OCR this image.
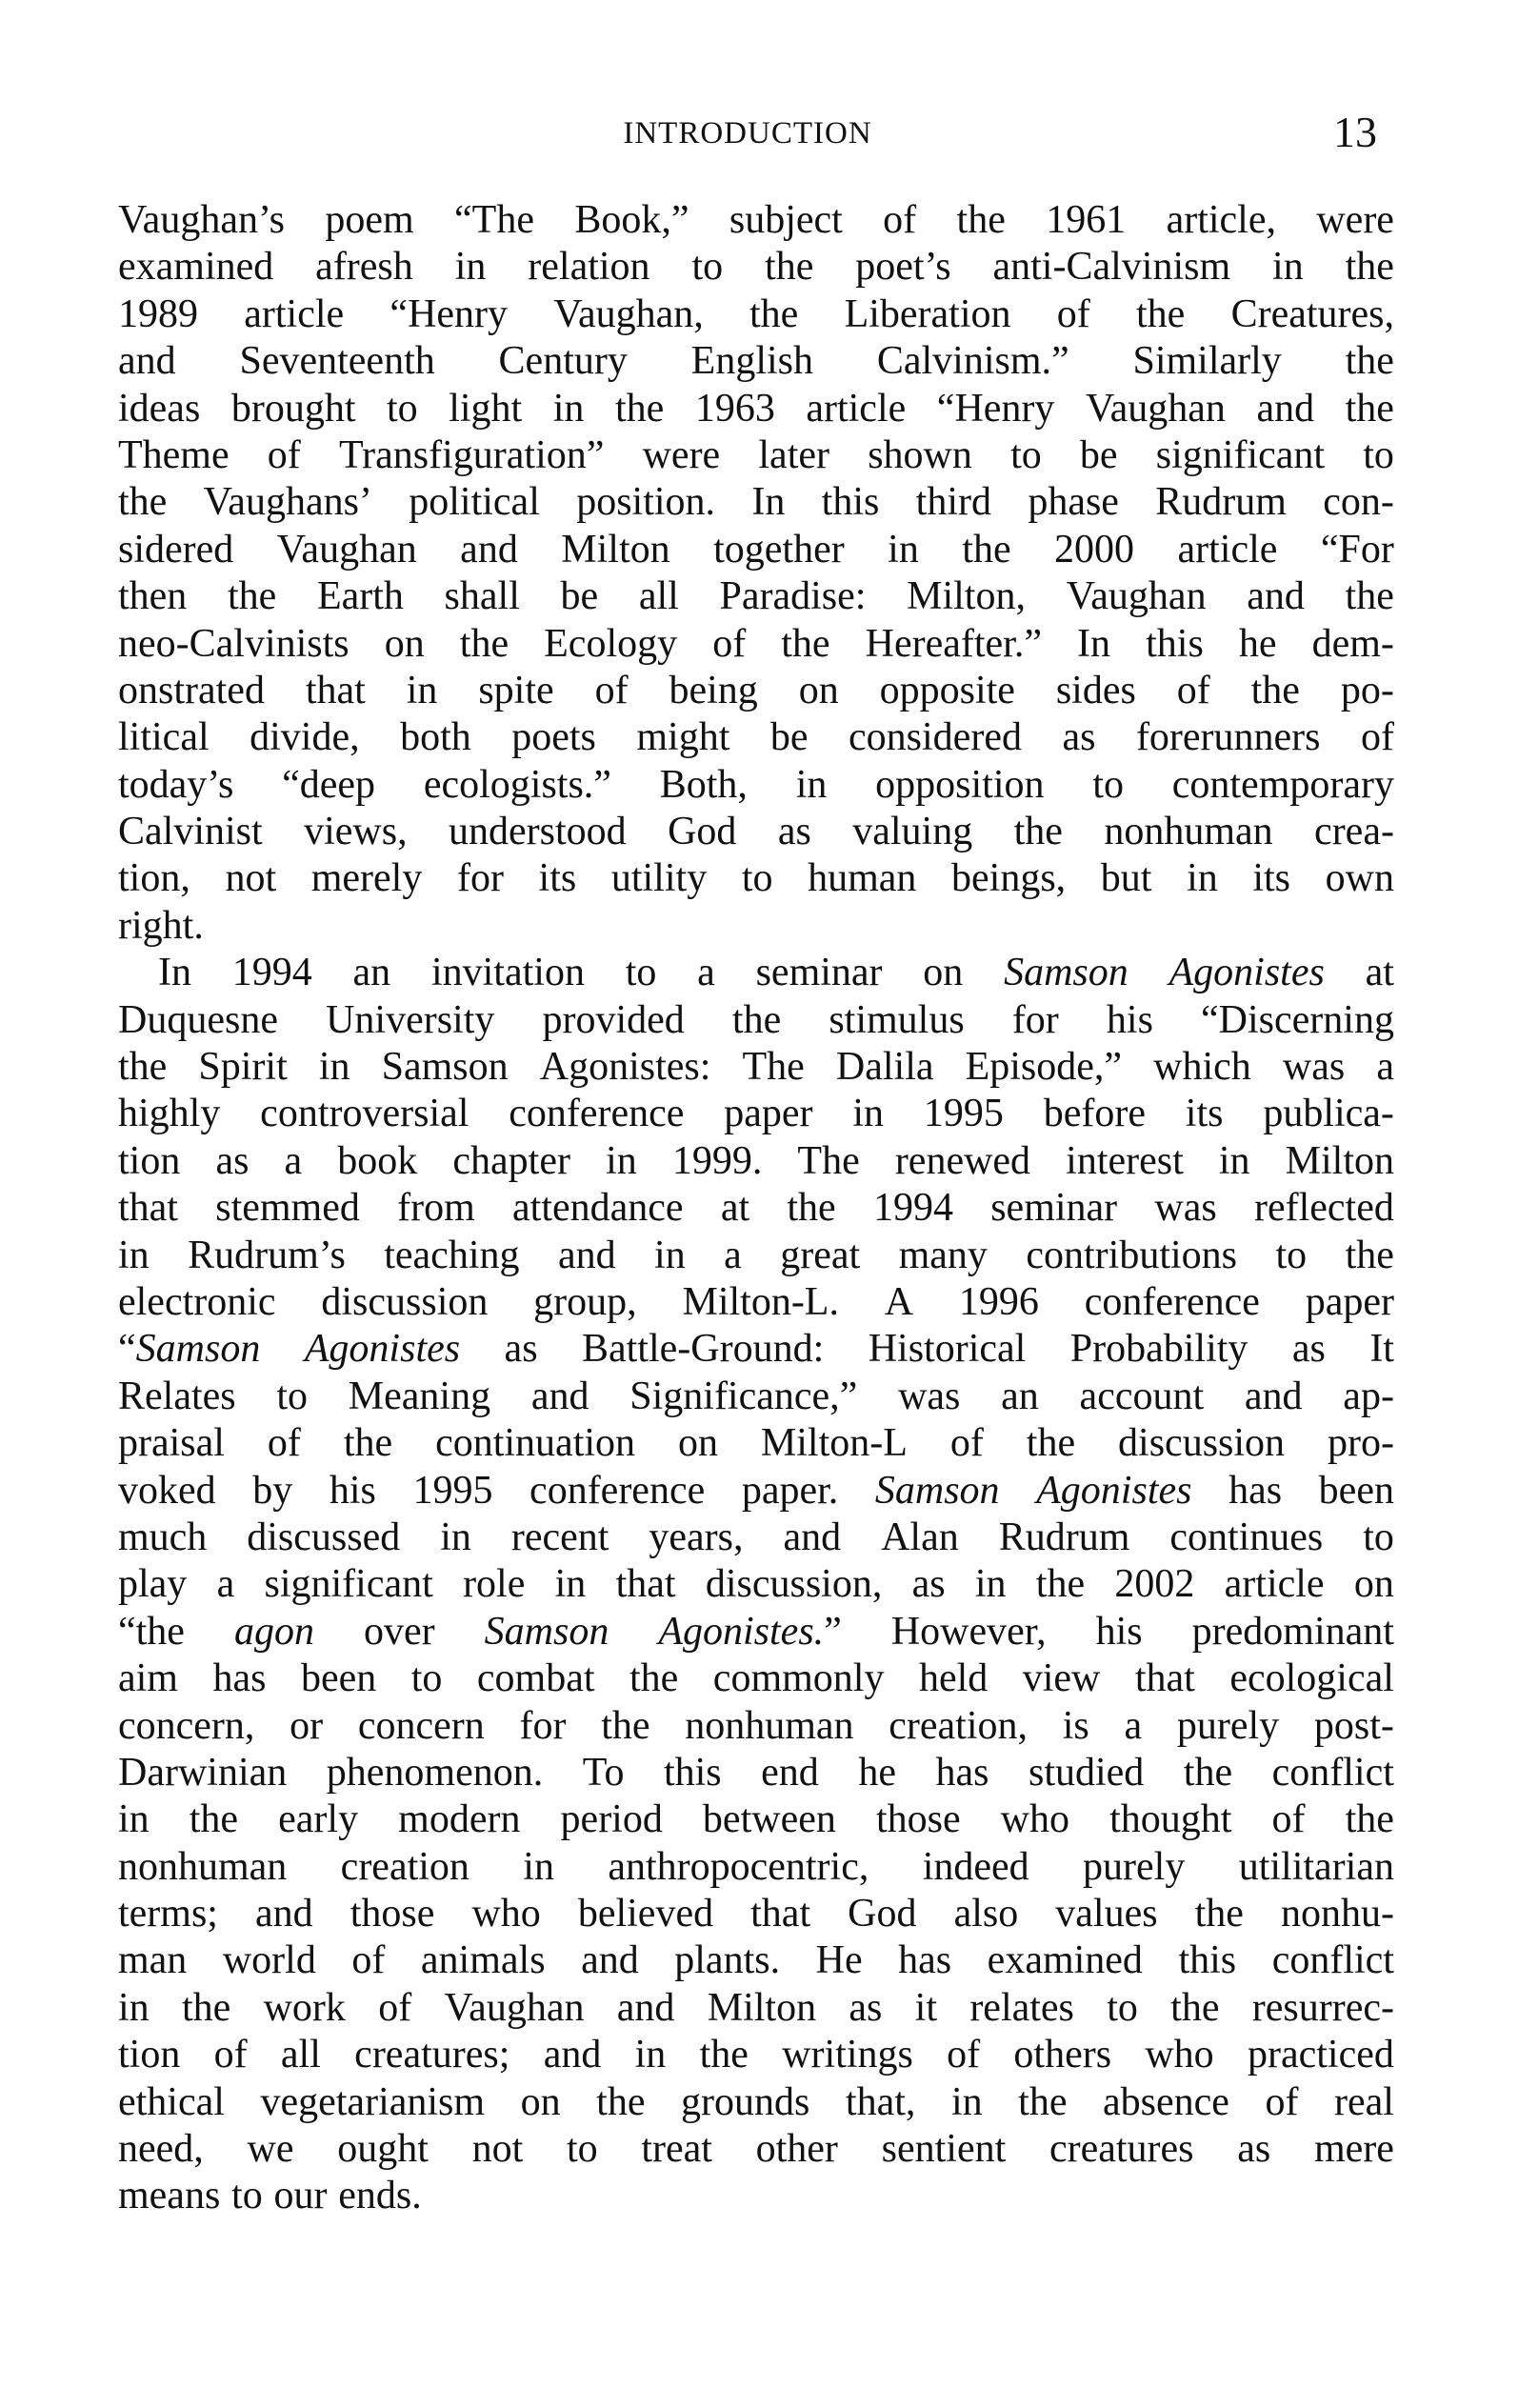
INTRODUCTION	13
Vaughan’s poem “The Book,” subject of the 1961 article, were
examined afresh in relation to the poet’s anti-Calvinism in the
1989 article “Henry Vaughan, the Liberation of the Creatures,
and Seventeenth Century English Calvinism.” Similarly the
ideas brought to light in the 1963 article “Henry Vaughan and the
Theme of Transfiguration” were later shown to be significant to
the Vaughans’ political position. In this third phase Rudrum con-
sidered Vaughan and Milton together in the 2000 article “For
then the Earth shall be all Paradise: Milton, Vaughan and the
neo-Calvinists on the Ecology of the Hereafter.” In this he dem-
onstrated that in spite of being on opposite sides of the po-
litical divide, both poets might be considered as forerunners of
today’s “deep ecologists.” Both, in opposition to contemporary
Calvinist views, understood God as valuing the nonhuman crea-
tion, not merely for its utility to human beings, but in its own
right.
In 1994 an invitation to a seminar on Samson Agonistes at
Duquesne University provided the stimulus for his “Discerning
the Spirit in Samson Agonistes: The Dalila Episode,” which was a
highly controversial conference paper in 1995 before its publica-
tion as a book chapter in 1999. The renewed interest in Milton
that stemmed from attendance at the 1994 seminar was reflected
in Rudrum’s teaching and in a great many contributions to the
electronic discussion group, Milton-L. A 1996 conference paper
“Samson Agonistes as Battle-Ground: Historical Probability as It
Relates to Meaning and Significance,” was an account and ap-
praisal of the continuation on Milton-L of the discussion pro-
voked by his 1995 conference paper. Samson Agonistes has been
much discussed in recent years, and Alan Rudrum continues to
play a significant role in that discussion, as in the 2002 article on
“the agon over Samson Agonistes.” However, his predominant
aim has been to combat the commonly held view that ecological
concern, or concern for the nonhuman creation, is a purely post-
Darwinian phenomenon. To this end he has studied the conflict
in the early modern period between those who thought of the
nonhuman creation in anthropocentric, indeed purely utilitarian
terms; and those who believed that God also values the nonhu-
man world of animals and plants. He has examined this conflict
in the work of Vaughan and Milton as it relates to the resurrec-
tion of all creatures; and in the writings of others who practiced
ethical vegetarianism on the grounds that, in the absence of real
need, we ought not to treat other sentient creatures as mere
means to our ends.
